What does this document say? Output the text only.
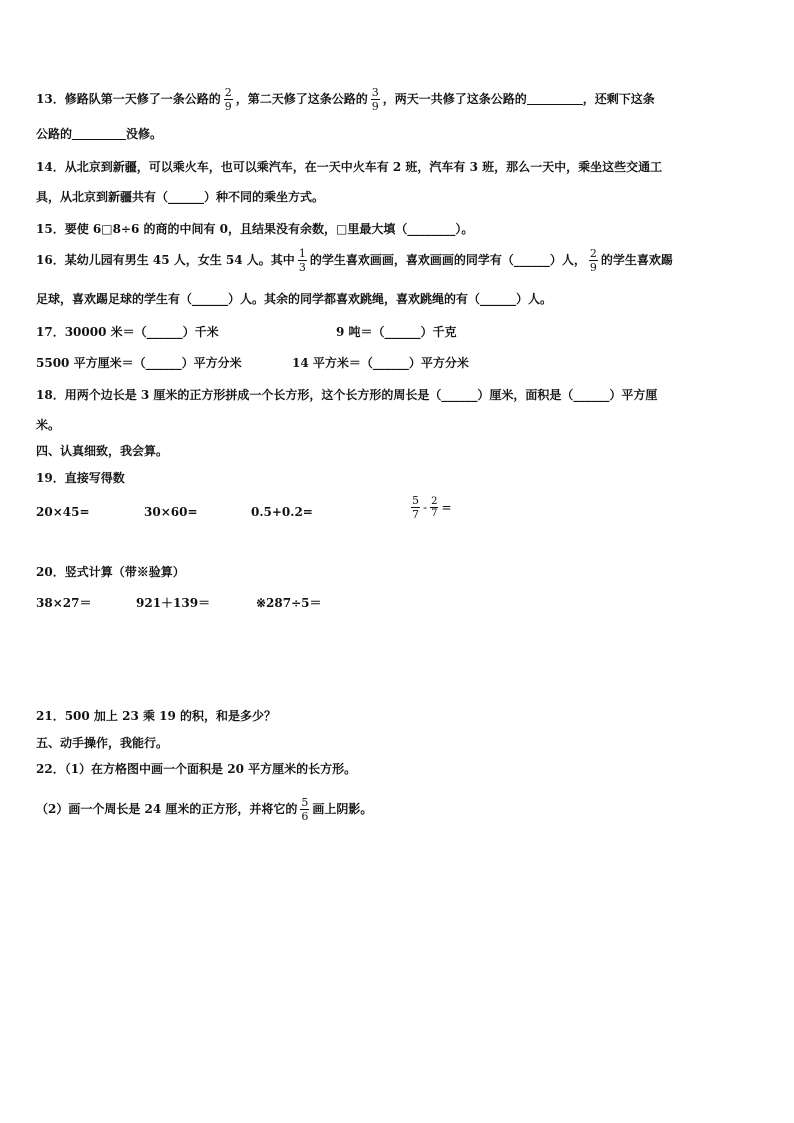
13．修路队第一天修了一条公路的 $\frac{2}{9}$ ，第二天修了这条公路的 $\frac{3}{9}$ ，两天一共修了这条公路的	，还剩下这条
公路的	没修。
14．从北京到新疆，可以乘火车，也可以乘汽车，在一天中火车有 2 班，汽车有 3 班，那么一天中，乘坐这些交通工
具，从北京到新疆共有（______）种不同的乘坐方式。
15．要使 6□8÷6 的商的中间有 0，且结果没有余数，□里最大填（________）。
16．某幼儿园有男生 45 人，女生 54 人。其中 $\frac{1}{3}$ 的学生喜欢画画，喜欢画画的同学有（______）人， $\frac{2}{9}$ 的学生喜欢踢
足球，喜欢踢足球的学生有（______）人。其余的同学都喜欢跳绳，喜欢跳绳的有（______）人。
17．30000 米＝（______）千米	9 吨＝（______）千克
5500 平方厘米＝（______）平方分米	14 平方米＝（______）平方分米
18．用两个边长是 3 厘米的正方形拼成一个长方形，这个长方形的周长是（______）厘米，面积是（______）平方厘
米。
四、认真细致，我会算。
19．直接写得数
20×45=	30×60=	0.5+0.2=	$\frac{5}{7} - \frac{2}{7}$ =
20．竖式计算（带※验算）
38×27＝	921＋139＝	※287÷5＝
21．500 加上 23 乘 19 的积，和是多少？
五、动手操作，我能行。
22．（1）在方格图中画一个面积是 20 平方厘米的长方形。
（2）画一个周长是 24 厘米的正方形，并将它的 $\frac{5}{6}$ 画上阴影。
